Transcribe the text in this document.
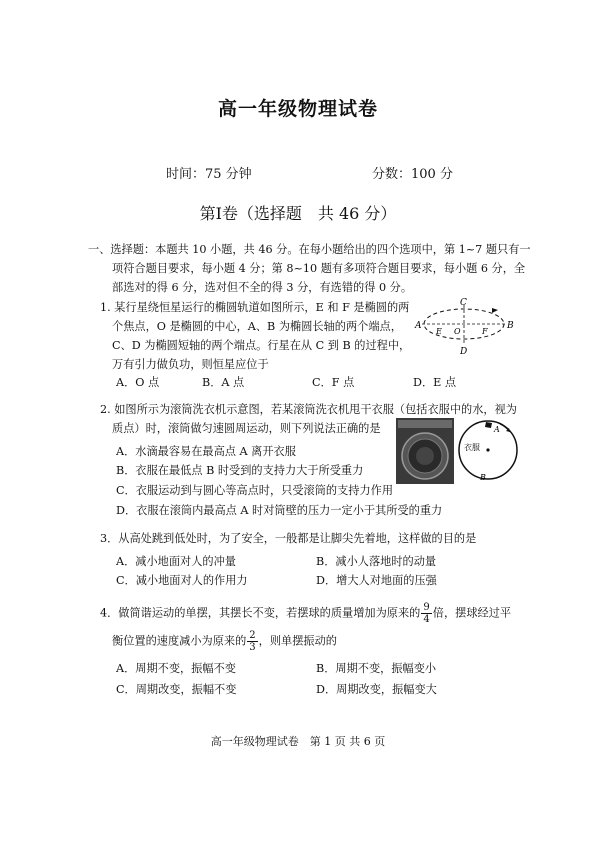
高一年级物理试卷
时间：75 分钟	分数：100 分
第Ⅰ卷（选择题　共 46 分）
一、选择题：本题共 10 小题，共 46 分。在每小题给出的四个选项中，第 1~7 题只有一
项符合题目要求，每小题 4 分；第 8~10 题有多项符合题目要求，每小题 6 分，全
部选对的得 6 分，选对但不全的得 3 分，有选错的得 0 分。
1. 某行星绕恒星运行的椭圆轨道如图所示，E 和 F 是椭圆的两
个焦点，O 是椭圆的中心，A、B 为椭圆长轴的两个端点，
C、D 为椭圆短轴的两个端点。行星在从 C 到 B 的过程中，
万有引力做负功，则恒星应位于
A．O 点	B．A 点	C．F 点	D．E 点
A	B
C
D
E O	F
2. 如图所示为滚筒洗衣机示意图，若某滚筒洗衣机甩干衣服（包括衣服中的水，视为
质点）时，滚筒做匀速圆周运动，则下列说法正确的是
A．水滴最容易在最高点 A 离开衣服
B．衣服在最低点 B 时受到的支持力大于所受重力
C．衣服运动到与圆心等高点时，只受滚筒的支持力作用
D．衣服在滚筒内最高点 A 时对筒壁的压力一定小于其所受的重力
A
衣服
B
3．从高处跳到低处时，为了安全，一般都是让脚尖先着地，这样做的目的是
A．减小地面对人的冲量	B．减小人落地时的动量
C．减小地面对人的作用力	D．增大人对地面的压强
4．做简谐运动的单摆，其摆长不变，若摆球的质量增加为原来的 $\frac{9}{4}$ 倍，摆球经过平
衡位置的速度减小为原来的 $\frac{2}{3}$ ，则单摆振动的
A．周期不变，振幅不变	B．周期不变，振幅变小
C．周期改变，振幅不变	D．周期改变，振幅变大
高一年级物理试卷　第 1 页 共 6 页
